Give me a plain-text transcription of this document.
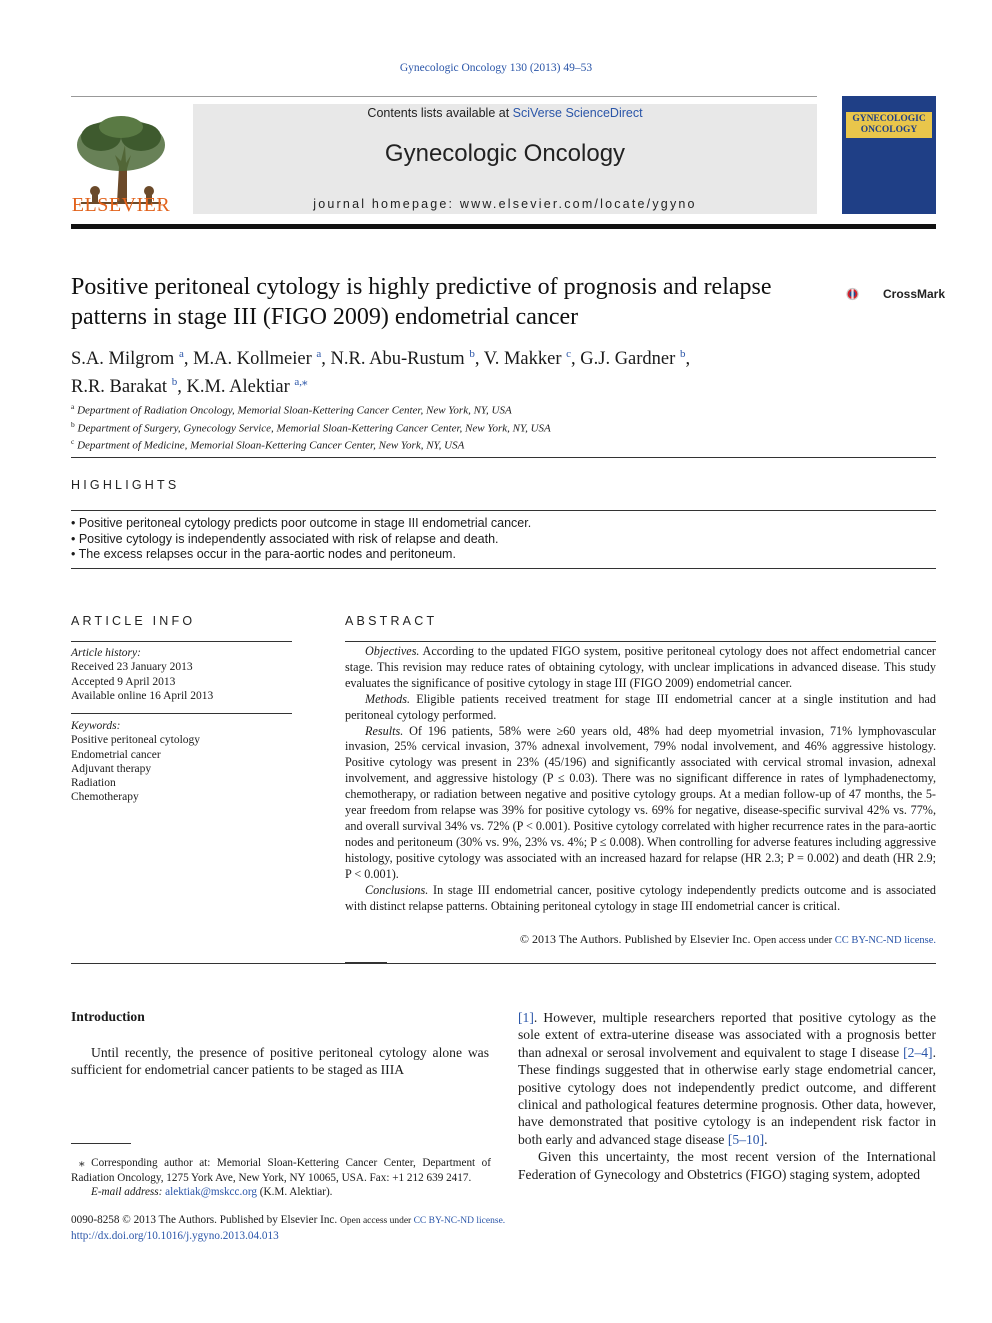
Gynecologic Oncology 130 (2013) 49–53
ELSEVIER
Contents lists available at SciVerse ScienceDirect
Gynecologic Oncology
journal homepage: www.elsevier.com/locate/ygyno
GYNECOLOGIC ONCOLOGY
Positive peritoneal cytology is highly predictive of prognosis and relapse patterns in stage III (FIGO 2009) endometrial cancer
CrossMark
S.A. Milgrom $^a$, M.A. Kollmeier $^a$, N.R. Abu-Rustum $^b$, V. Makker $^c$, G.J. Gardner $^b$,
R.R. Barakat $^b$, K.M. Alektiar $^{a,⁎}$
$^a$ Department of Radiation Oncology, Memorial Sloan-Kettering Cancer Center, New York, NY, USA
$^b$ Department of Surgery, Gynecology Service, Memorial Sloan-Kettering Cancer Center, New York, NY, USA
$^c$ Department of Medicine, Memorial Sloan-Kettering Cancer Center, New York, NY, USA
HIGHLIGHTS
• Positive peritoneal cytology predicts poor outcome in stage III endometrial cancer.
• Positive cytology is independently associated with risk of relapse and death.
• The excess relapses occur in the para-aortic nodes and peritoneum.
ARTICLE INFO
Article history:
Received 23 January 2013
Accepted 9 April 2013
Available online 16 April 2013
Keywords:
Positive peritoneal cytology
Endometrial cancer
Adjuvant therapy
Radiation
Chemotherapy
ABSTRACT

Objectives. According to the updated FIGO system, positive peritoneal cytology does not affect endometrial cancer stage. This revision may reduce rates of obtaining cytology, with unclear implications in advanced disease. This study evaluates the significance of positive cytology in stage III (FIGO 2009) endometrial cancer.

Methods. Eligible patients received treatment for stage III endometrial cancer at a single institution and had peritoneal cytology performed.

Results. Of 196 patients, 58% were ≥60 years old, 48% had deep myometrial invasion, 71% lymphovascular invasion, 25% cervical invasion, 37% adnexal involvement, 79% nodal involvement, and 46% aggressive histology. Positive cytology was present in 23% (45/196) and significantly associated with cervical stromal invasion, adnexal involvement, and aggressive histology (P ≤ 0.03). There was no significant difference in rates of lymphadenectomy, chemotherapy, or radiation between negative and positive cytology groups. At a median follow-up of 47 months, the 5-year freedom from relapse was 39% for positive cytology vs. 69% for negative, disease-specific survival 42% vs. 77%, and overall survival 34% vs. 72% (P < 0.001). Positive cytology correlated with higher recurrence rates in the para-aortic nodes and peritoneum (30% vs. 9%, 23% vs. 4%; P ≤ 0.008). When controlling for adverse features including aggressive histology, positive cytology was associated with an increased hazard for relapse (HR 2.3; P = 0.002) and death (HR 2.9; P < 0.001).

Conclusions. In stage III endometrial cancer, positive cytology independently predicts outcome and is associated with distinct relapse patterns. Obtaining peritoneal cytology in stage III endometrial cancer is critical.

© 2013 The Authors. Published by Elsevier Inc. Open access under CC BY-NC-ND license.
Introduction

Until recently, the presence of positive peritoneal cytology alone was sufficient for endometrial cancer patients to be staged as IIIA

[1]. However, multiple researchers reported that positive cytology as the sole extent of extra-uterine disease was associated with a prognosis better than adnexal or serosal involvement and equivalent to stage I disease [2–4]. These findings suggested that in otherwise early stage endometrial cancer, positive cytology does not independently predict outcome, and different clinical and pathological features determine prognosis. Other data, however, have demonstrated that positive cytology is an independent risk factor in both early and advanced stage disease [5–10].

Given this uncertainty, the most recent version of the International Federation of Gynecology and Obstetrics (FIGO) staging system, adopted

⁎ Corresponding author at: Memorial Sloan-Kettering Cancer Center, Department of Radiation Oncology, 1275 York Ave, New York, NY 10065, USA. Fax: +1 212 639 2417.
E-mail address: alektiak@mskcc.org (K.M. Alektiar).
0090-8258 © 2013 The Authors. Published by Elsevier Inc. Open access under CC BY-NC-ND license.
http://dx.doi.org/10.1016/j.ygyno.2013.04.013
